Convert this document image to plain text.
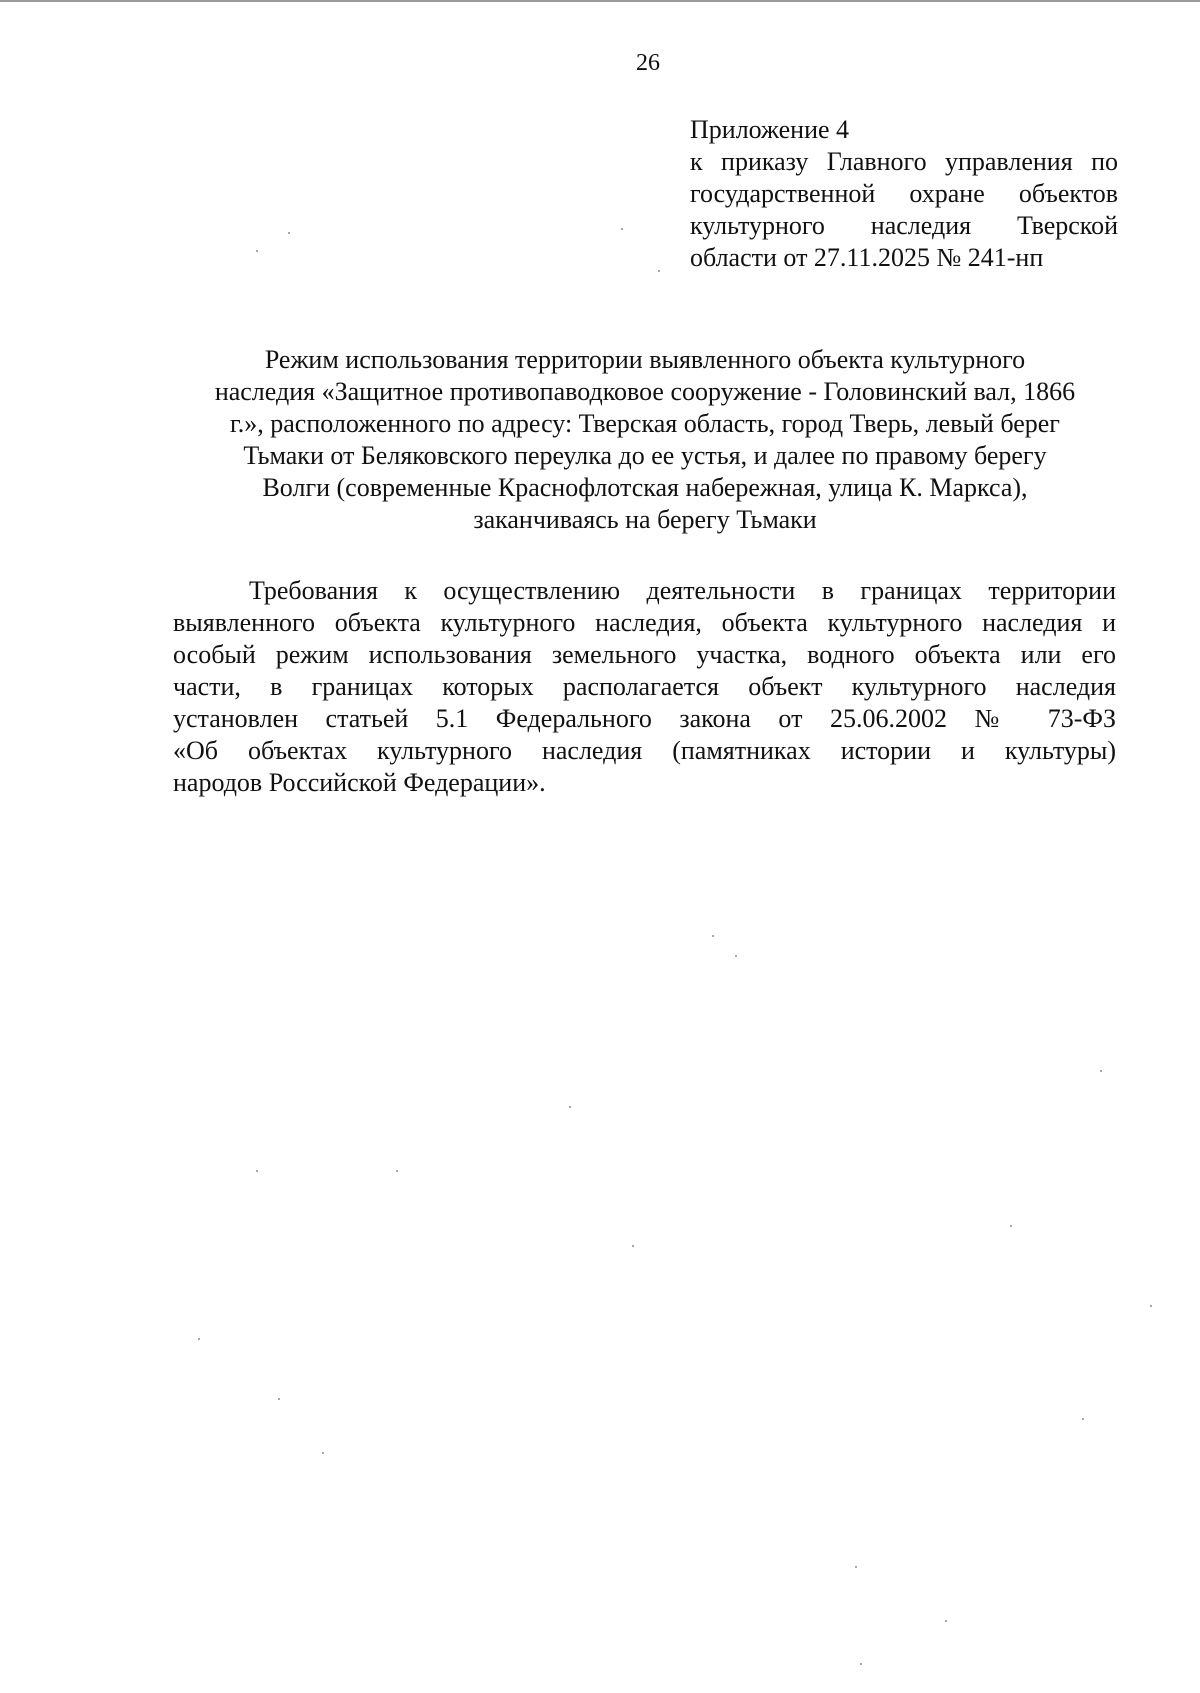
26
Приложение 4
к приказу Главного управления по
государственной охране объектов
культурного наследия Тверской
области от 27.11.2025 № 241-нп
Режим использования территории выявленного объекта культурного
наследия «Защитное противопаводковое сооружение - Головинский вал, 1866
г.», расположенного по адресу: Тверская область, город Тверь, левый берег
Тьмаки от Беляковского переулка до ее устья, и далее по правому берегу
Волги (современные Краснофлотская набережная, улица К. Маркса),
заканчиваясь на берегу Тьмаки
Требования к осуществлению деятельности в границах территории
выявленного объекта культурного наследия, объекта культурного наследия и
особый режим использования земельного участка, водного объекта или его
части, в границах которых располагается объект культурного наследия
установлен статьей 5.1 Федерального закона от 25.06.2002 № 73-ФЗ
«Об объектах культурного наследия (памятниках истории и культуры)
народов Российской Федерации».
